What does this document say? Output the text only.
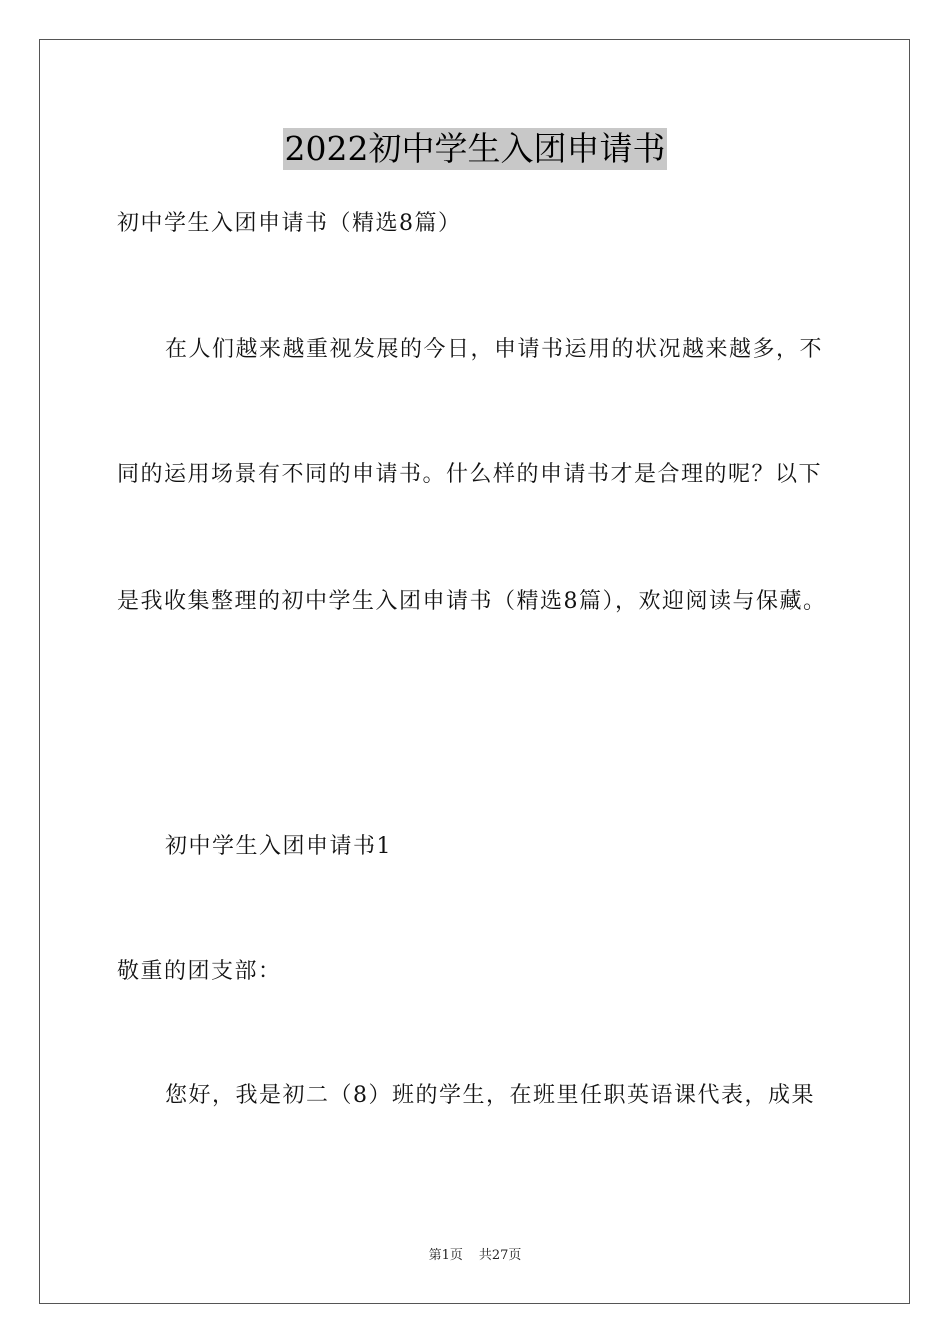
2022初中学生入团申请书
初中学生入团申请书（精选8篇）
在人们越来越重视发展的今日，申请书运用的状况越来越多，不
同的运用场景有不同的申请书。什么样的申请书才是合理的呢？以下
是我收集整理的初中学生入团申请书（精选8篇），欢迎阅读与保藏。
初中学生入团申请书1
敬重的团支部：
您好，我是初二（8）班的学生，在班里任职英语课代表，成果
第1页 共27页
